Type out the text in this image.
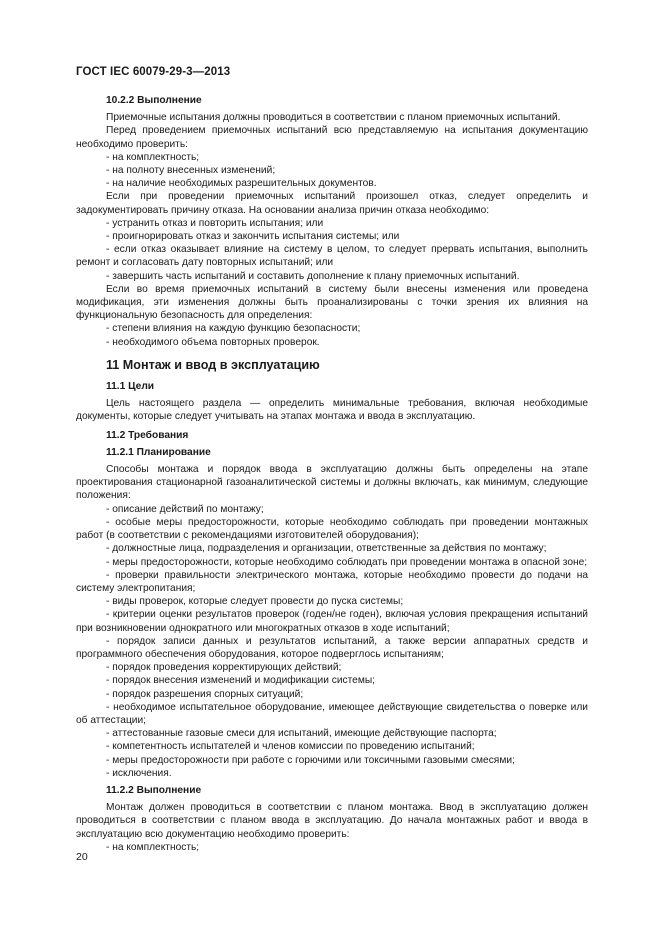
ГОСТ IEC 60079-29-3—2013

10.2.2 Выполнение

Приемочные испытания должны проводиться в соответствии с планом приемочных испытаний.

Перед проведением приемочных испытаний всю представляемую на испытания документацию необходимо проверить:

- на комплектность;

- на полноту внесенных изменений;

- на наличие необходимых разрешительных документов.

Если при проведении приемочных испытаний произошел отказ, следует определить и задокументировать причину отказа. На основании анализа причин отказа необходимо:

- устранить отказ и повторить испытания; или

- проигнорировать отказ и закончить испытания системы; или

- если отказ оказывает влияние на систему в целом, то следует прервать испытания, выполнить ремонт и согласовать дату повторных испытаний; или

- завершить часть испытаний и составить дополнение к плану приемочных испытаний.

Если во время приемочных испытаний в систему были внесены изменения или проведена модификация, эти изменения должны быть проанализированы с точки зрения их влияния на функциональную безопасность для определения:

- степени влияния на каждую функцию безопасности;

- необходимого объема повторных проверок.

11 Монтаж и ввод в эксплуатацию

11.1 Цели

Цель настоящего раздела — определить минимальные требования, включая необходимые документы, которые следует учитывать на этапах монтажа и ввода в эксплуатацию.

11.2 Требования

11.2.1 Планирование

Способы монтажа и порядок ввода в эксплуатацию должны быть определены на этапе проектирования стационарной газоаналитической системы и должны включать, как минимум, следующие положения:

- описание действий по монтажу;

- особые меры предосторожности, которые необходимо соблюдать при проведении монтажных работ (в соответствии с рекомендациями изготовителей оборудования);

- должностные лица, подразделения и организации, ответственные за действия по монтажу;

- меры предосторожности, которые необходимо соблюдать при проведении монтажа в опасной зоне;

- проверки правильности электрического монтажа, которые необходимо провести до подачи на систему электропитания;

- виды проверок, которые следует провести до пуска системы;

- критерии оценки результатов проверок (годен/не годен), включая условия прекращения испытаний при возникновении однократного или многократных отказов в ходе испытаний;

- порядок записи данных и результатов испытаний, а также версии аппаратных средств и программного обеспечения оборудования, которое подверглось испытаниям;

- порядок проведения корректирующих действий;

- порядок внесения изменений и модификации системы;

- порядок разрешения спорных ситуаций;

- необходимое испытательное оборудование, имеющее действующие свидетельства о поверке или об аттестации;

- аттестованные газовые смеси для испытаний, имеющие действующие паспорта;

- компетентность испытателей и членов комиссии по проведению испытаний;

- меры предосторожности при работе с горючими или токсичными газовыми смесями;

- исключения.

11.2.2 Выполнение

Монтаж должен проводиться в соответствии с планом монтажа. Ввод в эксплуатацию должен проводиться в соответствии с планом ввода в эксплуатацию. До начала монтажных работ и ввода в эксплуатацию всю документацию необходимо проверить:

- на комплектность;

20
